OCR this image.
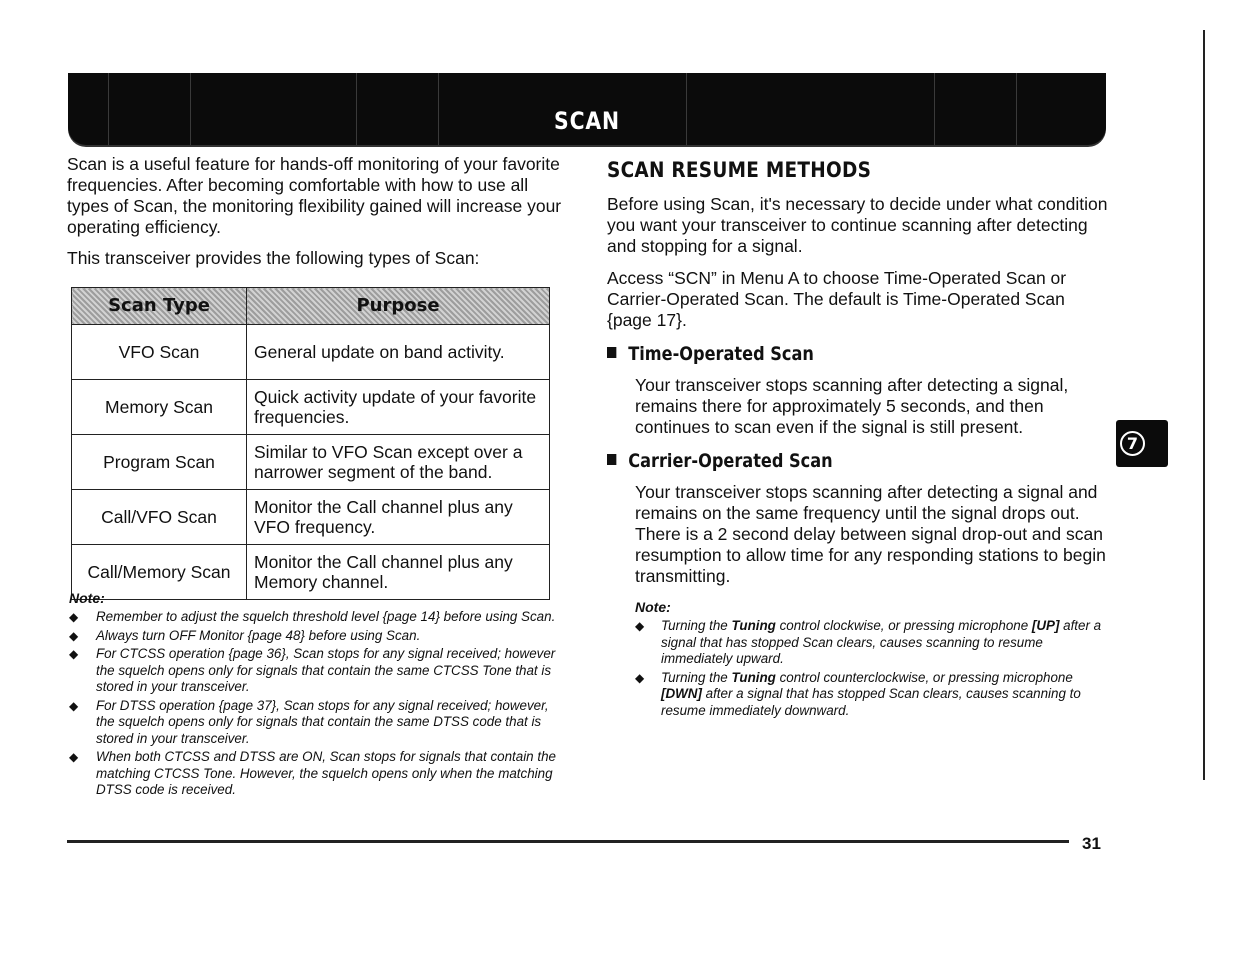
SCAN

Scan is a useful feature for hands-off monitoring of your favorite frequencies. After becoming comfortable with how to use all types of Scan, the monitoring flexibility gained will increase your operating efficiency.

This transceiver provides the following types of Scan:

Scan Type	Purpose
VFO Scan	General update on band activity.
Memory Scan	Quick activity update of your favorite frequencies.
Program Scan	Similar to VFO Scan except over a narrower segment of the band.
Call/VFO Scan	Monitor the Call channel plus any VFO frequency.
Call/Memory Scan	Monitor the Call channel plus any Memory channel.
Note:
◆ Remember to adjust the squelch threshold level {page 14} before using Scan.
◆ Always turn OFF Monitor {page 48} before using Scan.
◆ For CTCSS operation {page 36}, Scan stops for any signal received; however the squelch opens only for signals that contain the same CTCSS Tone that is stored in your transceiver.
◆ For DTSS operation {page 37}, Scan stops for any signal received; however, the squelch opens only for signals that contain the same DTSS code that is stored in your transceiver.
◆ When both CTCSS and DTSS are ON, Scan stops for signals that contain the matching CTCSS Tone. However, the squelch opens only when the matching DTSS code is received.
SCAN RESUME METHODS

Before using Scan, it's necessary to decide under what condition you want your transceiver to continue scanning after detecting and stopping for a signal.

Access “SCN” in Menu A to choose Time-Operated Scan or Carrier-Operated Scan. The default is Time-Operated Scan {page 17}.

Time-Operated Scan

Your transceiver stops scanning after detecting a signal, remains there for approximately 5 seconds, and then continues to scan even if the signal is still present.

Carrier-Operated Scan

Your transceiver stops scanning after detecting a signal and remains on the same frequency until the signal drops out. There is a 2 second delay between signal drop-out and scan resumption to allow time for any responding stations to begin transmitting.

Note:
◆ Turning the Tuning control clockwise, or pressing microphone [UP] after a signal that has stopped Scan clears, causes scanning to resume immediately upward.
◆ Turning the Tuning control counterclockwise, or pressing microphone [DWN] after a signal that has stopped Scan clears, causes scanning to resume immediately downward.
7
31
